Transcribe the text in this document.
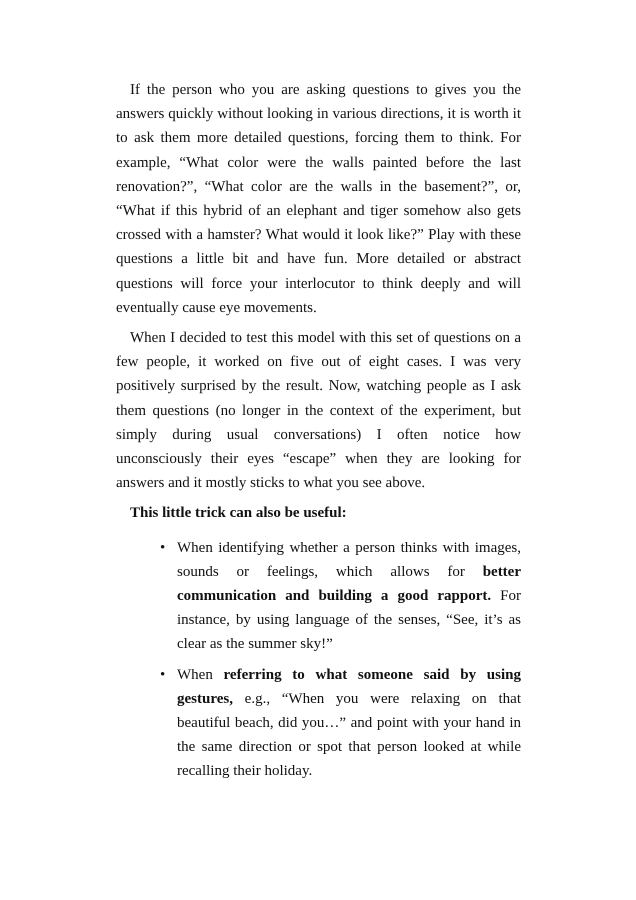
If the person who you are asking questions to gives you the answers quickly without looking in various directions, it is worth it to ask them more detailed questions, forcing them to think. For example, “What color were the walls painted before the last renovation?”, “What color are the walls in the basement?”, or, “What if this hybrid of an elephant and tiger somehow also gets crossed with a hamster? What would it look like?” Play with these questions a little bit and have fun. More detailed or abstract questions will force your interlocutor to think deeply and will eventually cause eye movements.

When I decided to test this model with this set of questions on a few people, it worked on five out of eight cases. I was very positively surprised by the result. Now, watching people as I ask them questions (no longer in the context of the experiment, but simply during usual conversations) I often notice how unconsciously their eyes “escape” when they are looking for answers and it mostly sticks to what you see above.

This little trick can also be useful:

• When identifying whether a person thinks with images, sounds or feelings, which allows for better communication and building a good rapport. For instance, by using language of the senses, “See, it’s as clear as the summer sky!”
• When referring to what someone said by using gestures, e.g., “When you were relaxing on that beautiful beach, did you…” and point with your hand in the same direction or spot that person looked at while recalling their holiday.
